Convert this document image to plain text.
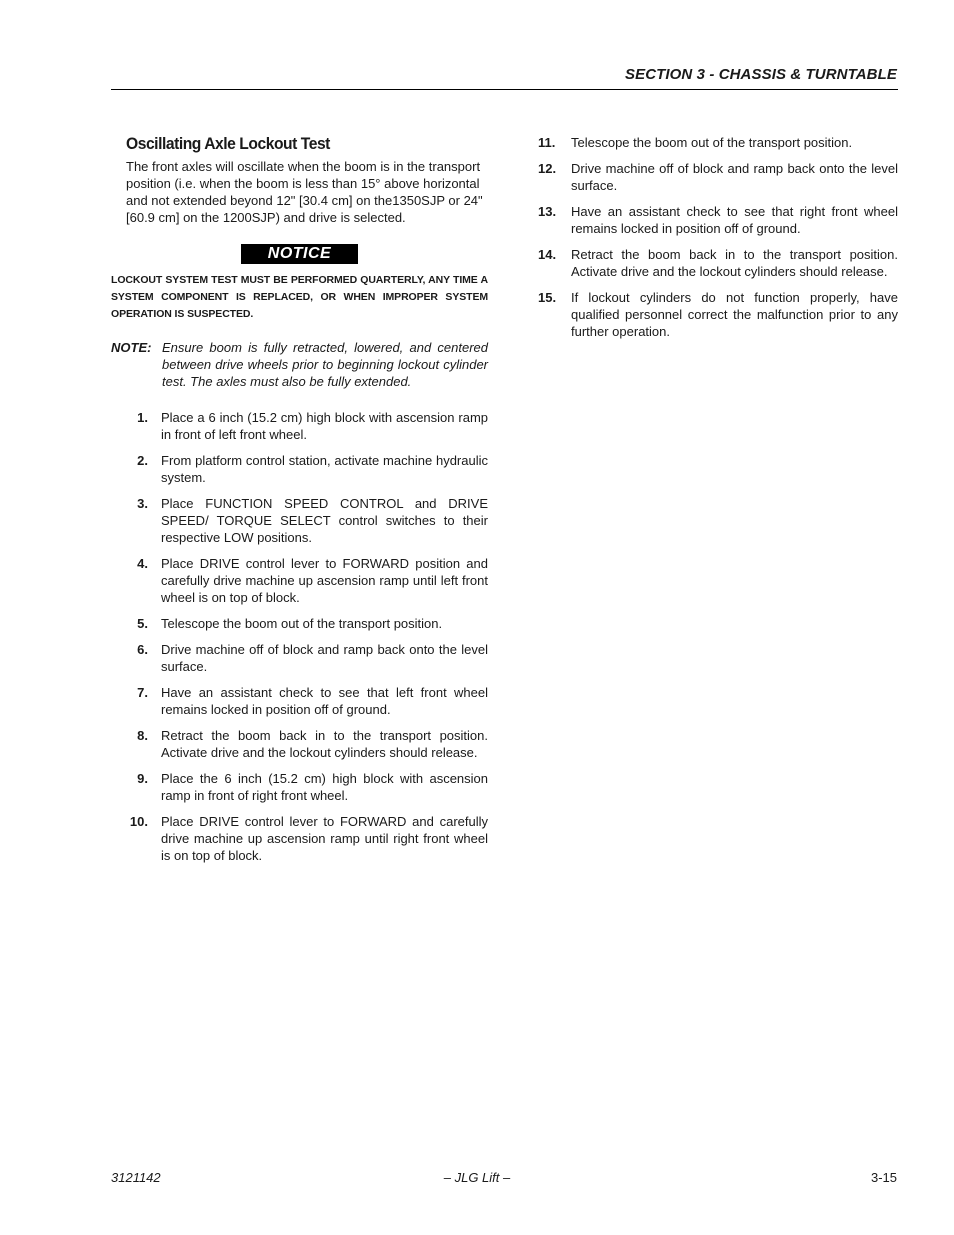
SECTION 3 - CHASSIS & TURNTABLE
Oscillating Axle Lockout Test
The front axles will oscillate when the boom is in the transport position (i.e. when the boom is less than 15° above horizontal and not extended beyond 12" [30.4 cm] on the1350SJP or 24" [60.9 cm] on the 1200SJP) and drive is selected.
NOTICE
LOCKOUT SYSTEM TEST MUST BE PERFORMED QUARTERLY, ANY TIME A SYSTEM COMPONENT IS REPLACED, OR WHEN IMPROPER SYSTEM OPERATION IS SUSPECTED.
NOTE: Ensure boom is fully retracted, lowered, and centered between drive wheels prior to beginning lockout cylinder test. The axles must also be fully extended.
1.	Place a 6 inch (15.2 cm) high block with ascension ramp in front of left front wheel.
2.	From platform control station, activate machine hydraulic system.
3.	Place FUNCTION SPEED CONTROL and DRIVE SPEED/ TORQUE SELECT control switches to their respective LOW positions.
4.	Place DRIVE control lever to FORWARD position and carefully drive machine up ascension ramp until left front wheel is on top of block.
5.	Telescope the boom out of the transport position.
6.	Drive machine off of block and ramp back onto the level surface.
7.	Have an assistant check to see that left front wheel remains locked in position off of ground.
8.	Retract the boom back in to the transport position. Activate drive and the lockout cylinders should release.
9.	Place the 6 inch (15.2 cm) high block with ascension ramp in front of right front wheel.
10.	Place DRIVE control lever to FORWARD and carefully drive machine up ascension ramp until right front wheel is on top of block.
11.	Telescope the boom out of the transport position.
12.	Drive machine off of block and ramp back onto the level surface.
13.	Have an assistant check to see that right front wheel remains locked in position off of ground.
14.	Retract the boom back in to the transport position. Activate drive and the lockout cylinders should release.
15.	If lockout cylinders do not function properly, have qualified personnel correct the malfunction prior to any further operation.
3121142	– JLG Lift –	3-15
